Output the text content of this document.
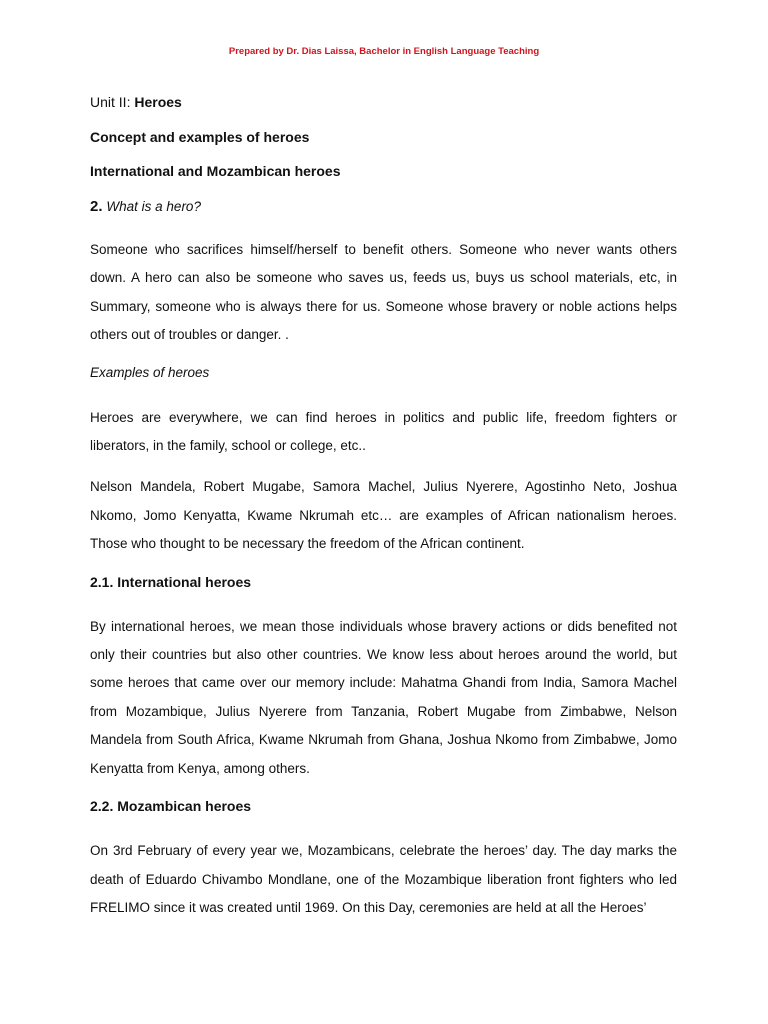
Prepared by Dr. Dias Laissa, Bachelor in English Language Teaching

Unit II: Heroes

Concept and examples of heroes

International and Mozambican heroes

2. What is a hero?

Someone who sacrifices himself/herself to benefit others. Someone who never wants others down. A hero can also be someone who saves us, feeds us, buys us school materials, etc, in Summary, someone who is always there for us. Someone whose bravery or noble actions helps others out of troubles or danger. .

Examples of heroes

Heroes are everywhere, we can find heroes in politics and public life, freedom fighters or liberators, in the family, school or college, etc..

Nelson Mandela, Robert Mugabe, Samora Machel, Julius Nyerere, Agostinho Neto, Joshua Nkomo, Jomo Kenyatta, Kwame Nkrumah etc… are examples of African nationalism heroes. Those who thought to be necessary the freedom of the African continent.

2.1. International heroes

By international heroes, we mean those individuals whose bravery actions or dids benefited not only their countries but also other countries. We know less about heroes around the world, but some heroes that came over our memory include: Mahatma Ghandi from India, Samora Machel from Mozambique, Julius Nyerere from Tanzania, Robert Mugabe from Zimbabwe, Nelson Mandela from South Africa, Kwame Nkrumah from Ghana, Joshua Nkomo from Zimbabwe, Jomo Kenyatta from Kenya, among others.

2.2. Mozambican heroes

On 3rd February of every year we, Mozambicans, celebrate the heroes’ day. The day marks the death of Eduardo Chivambo Mondlane, one of the Mozambique liberation front fighters who led FRELIMO since it was created until 1969. On this Day, ceremonies are held at all the Heroes’
